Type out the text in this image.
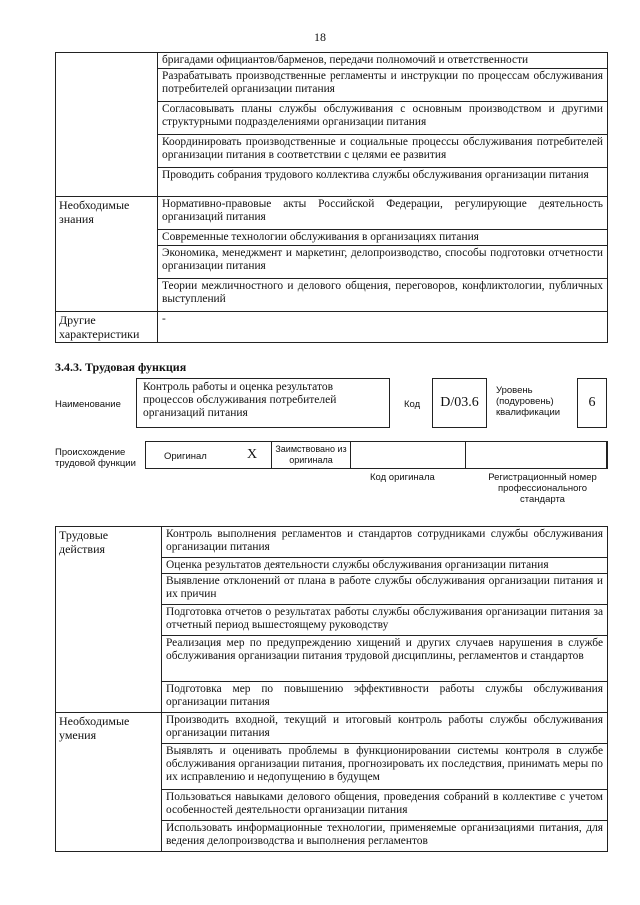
18
	бригадами официантов/барменов, передачи полномочий и ответственности
	Разрабатывать производственные регламенты и инструкции по процессам обслуживания потребителей организации питания
	Согласовывать планы службы обслуживания с основным производством и другими структурными подразделениями организации питания
	Координировать производственные и социальные процессы обслуживания потребителей организации питания в соответствии с целями ее развития
	Проводить собрания трудового коллектива службы обслуживания организации питания
Необходимые знания	Нормативно-правовые акты Российской Федерации, регулирующие деятельность организаций питания
	Современные технологии обслуживания в организациях питания
	Экономика, менеджмент и маркетинг, делопроизводство, способы подготовки отчетности организации питания
	Теории межличностного и делового общения, переговоров, конфликтологии, публичных выступлений
Другие характеристики	-
3.4.3. Трудовая функция
Наименование
Контроль работы и оценка результатов процессов обслуживания потребителей организаций питания
Код	D/03.6
Уровень (подуровень) квалификации
6
Происхождение трудовой функции
Оригинал	X	Заимствовано из оригинала
Код оригинала	Регистрационный номер профессионального стандарта
Трудовые действия	Контроль выполнения регламентов и стандартов сотрудниками службы обслуживания организации питания
	Оценка результатов деятельности службы обслуживания организации питания
	Выявление отклонений от плана в работе службы обслуживания организации питания и их причин
	Подготовка отчетов о результатах работы службы обслуживания организации питания за отчетный период вышестоящему руководству
	Реализация мер по предупреждению хищений и других случаев нарушения в службе обслуживания организации питания трудовой дисциплины, регламентов и стандартов
	Подготовка мер по повышению эффективности работы службы обслуживания организации питания
Необходимые умения	Производить входной, текущий и итоговый контроль работы службы обслуживания организации питания
	Выявлять и оценивать проблемы в функционировании системы контроля в службе обслуживания организации питания, прогнозировать их последствия, принимать меры по их исправлению и недопущению в будущем
	Пользоваться навыками делового общения, проведения собраний в коллективе с учетом особенностей деятельности организации питания
	Использовать информационные технологии, применяемые организациями питания, для ведения делопроизводства и выполнения регламентов
